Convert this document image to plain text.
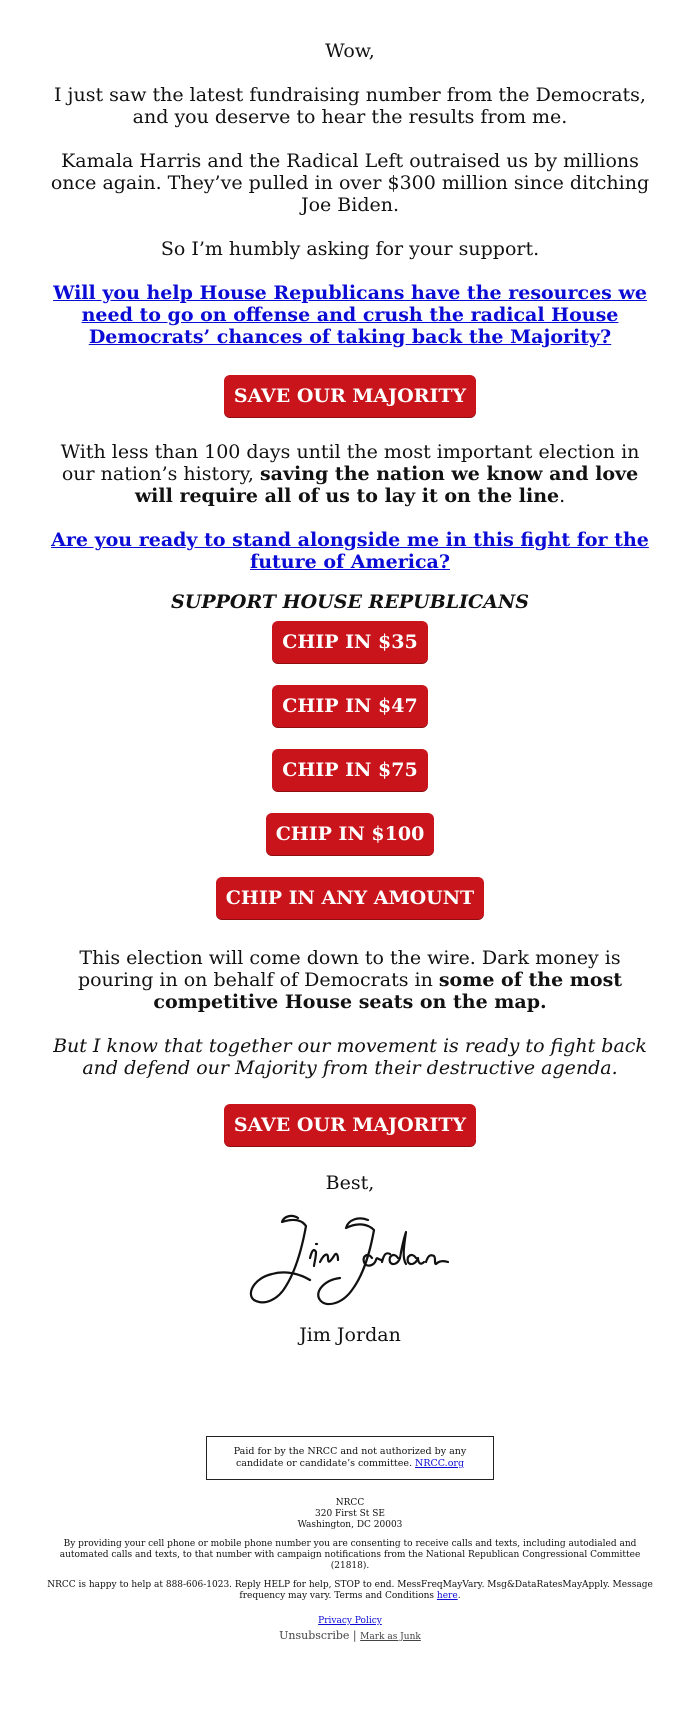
Wow,

I just saw the latest fundraising number from the Democrats, and you deserve to hear the results from me.

Kamala Harris and the Radical Left outraised us by millions once again. They’ve pulled in over $300 million since ditching Joe Biden.

So I’m humbly asking for your support.

Will you help House Republicans have the resources we need to go on offense and crush the radical House Democrats’ chances of taking back the Majority?

SAVE OUR MAJORITY

With less than 100 days until the most important election in our nation’s history, saving the nation we know and love will require all of us to lay it on the line.

Are you ready to stand alongside me in this fight for the future of America?

SUPPORT HOUSE REPUBLICANS

CHIP IN $35
CHIP IN $47
CHIP IN $75
CHIP IN $100
CHIP IN ANY AMOUNT

This election will come down to the wire. Dark money is pouring in on behalf of Democrats in some of the most competitive House seats on the map.

But I know that together our movement is ready to fight back and defend our Majority from their destructive agenda.

SAVE OUR MAJORITY

Best,

Jim Jordan

Paid for by the NRCC and not authorized by any candidate or candidate’s committee. NRCC.org
NRCC
320 First St SE
Washington, DC 20003
By providing your cell phone or mobile phone number you are consenting to receive calls and texts, including autodialed and automated calls and texts, to that number with campaign notifications from the National Republican Congressional Committee (21818).
NRCC is happy to help at 888-606-1023. Reply HELP for help, STOP to end. MessFreqMayVary. Msg&DataRatesMayApply. Message frequency may vary. Terms and Conditions here.
Privacy Policy
Unsubscribe | Mark as Junk
